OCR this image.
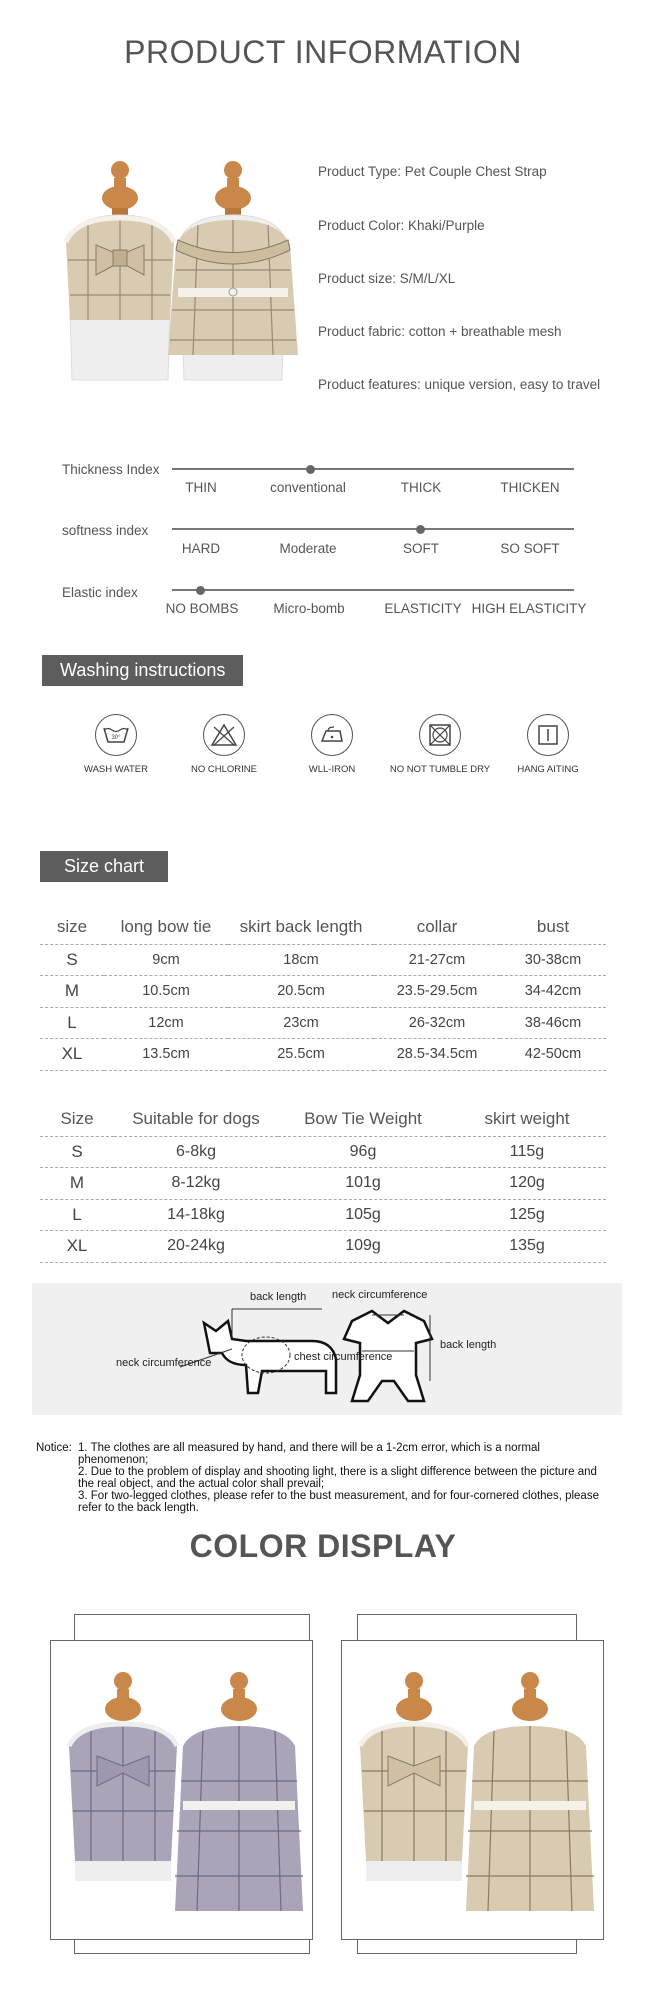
PRODUCT INFORMATION
Product Type: Pet Couple Chest Strap
Product Color: Khaki/Purple
Product size: S/M/L/XL
Product fabric: cotton + breathable mesh
Product features: unique version, easy to travel
Thickness Index
THIN	conventional	THICK	THICKEN
softness index
HARD	Moderate	SOFT	SO SOFT
Elastic index
NO BOMBS	Micro-bomb	ELASTICITY HIGH ELASTICITY
Washing instructions
30°
WASH WATER	NO CHLORINE	WLL-IRON	NO NOT TUMBLE DRY	HANG AITING
Size chart
size	long bow tie	skirt back length	collar	bust
S	9cm	18cm	21-27cm	30-38cm
M	10.5cm	20.5cm	23.5-29.5cm	34-42cm
L	12cm	23cm	26-32cm	38-46cm
XL	13.5cm	25.5cm	28.5-34.5cm	42-50cm
Size	Suitable for dogs	Bow Tie Weight	skirt weight
S	6-8kg	96g	115g
M	8-12kg	101g	120g
L	14-18kg	105g	125g
XL	20-24kg	109g	135g
back length neck circumference
neck circumference	chest circumference
back length
Notice: 1. The clothes are all measured by hand, and there will be a 1-2cm error, which is a normal phenomenon;
2. Due to the problem of display and shooting light, there is a slight difference between the picture and the real object, and the actual color shall prevail;
3. For two-legged clothes, please refer to the bust measurement, and for four-cornered clothes, please refer to the back length.
COLOR DISPLAY
